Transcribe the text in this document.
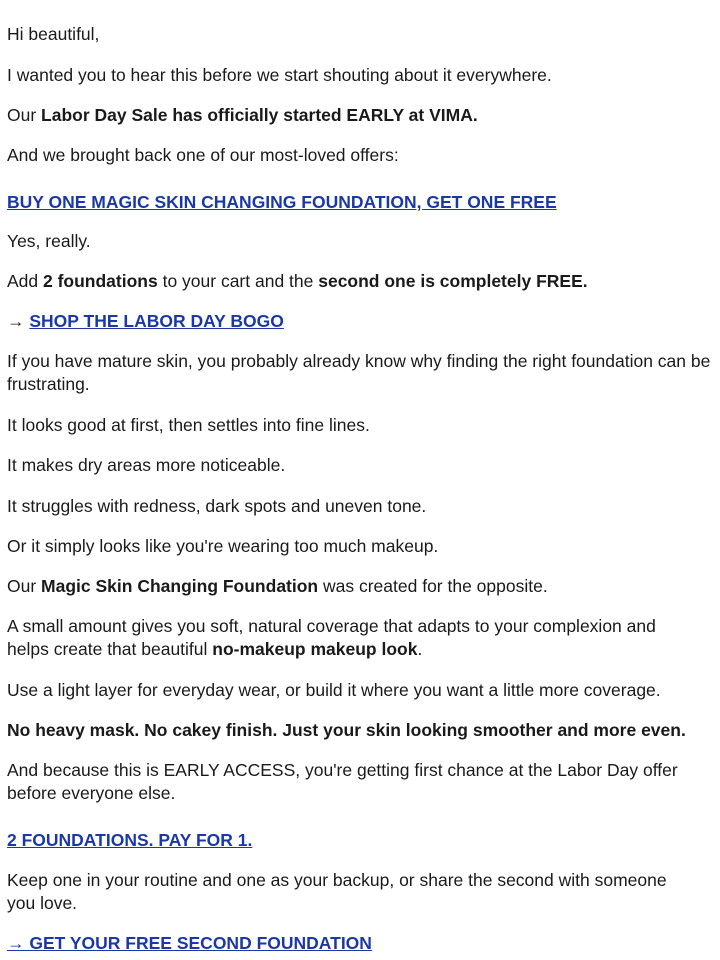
Hi beautiful,

I wanted you to hear this before we start shouting about it everywhere.

Our Labor Day Sale has officially started EARLY at VIMA.

And we brought back one of our most-loved offers:

BUY ONE MAGIC SKIN CHANGING FOUNDATION, GET ONE FREE

Yes, really.

Add 2 foundations to your cart and the second one is completely FREE.

→ SHOP THE LABOR DAY BOGO

If you have mature skin, you probably already know why finding the right foundation can be frustrating.

It looks good at first, then settles into fine lines.

It makes dry areas more noticeable.

It struggles with redness, dark spots and uneven tone.

Or it simply looks like you're wearing too much makeup.

Our Magic Skin Changing Foundation was created for the opposite.

A small amount gives you soft, natural coverage that adapts to your complexion and helps create that beautiful no-makeup makeup look.

Use a light layer for everyday wear, or build it where you want a little more coverage.

No heavy mask. No cakey finish. Just your skin looking smoother and more even.

And because this is EARLY ACCESS, you're getting first chance at the Labor Day offer before everyone else.

2 FOUNDATIONS. PAY FOR 1.

Keep one in your routine and one as your backup, or share the second with someone you love.

→ GET YOUR FREE SECOND FOUNDATION
